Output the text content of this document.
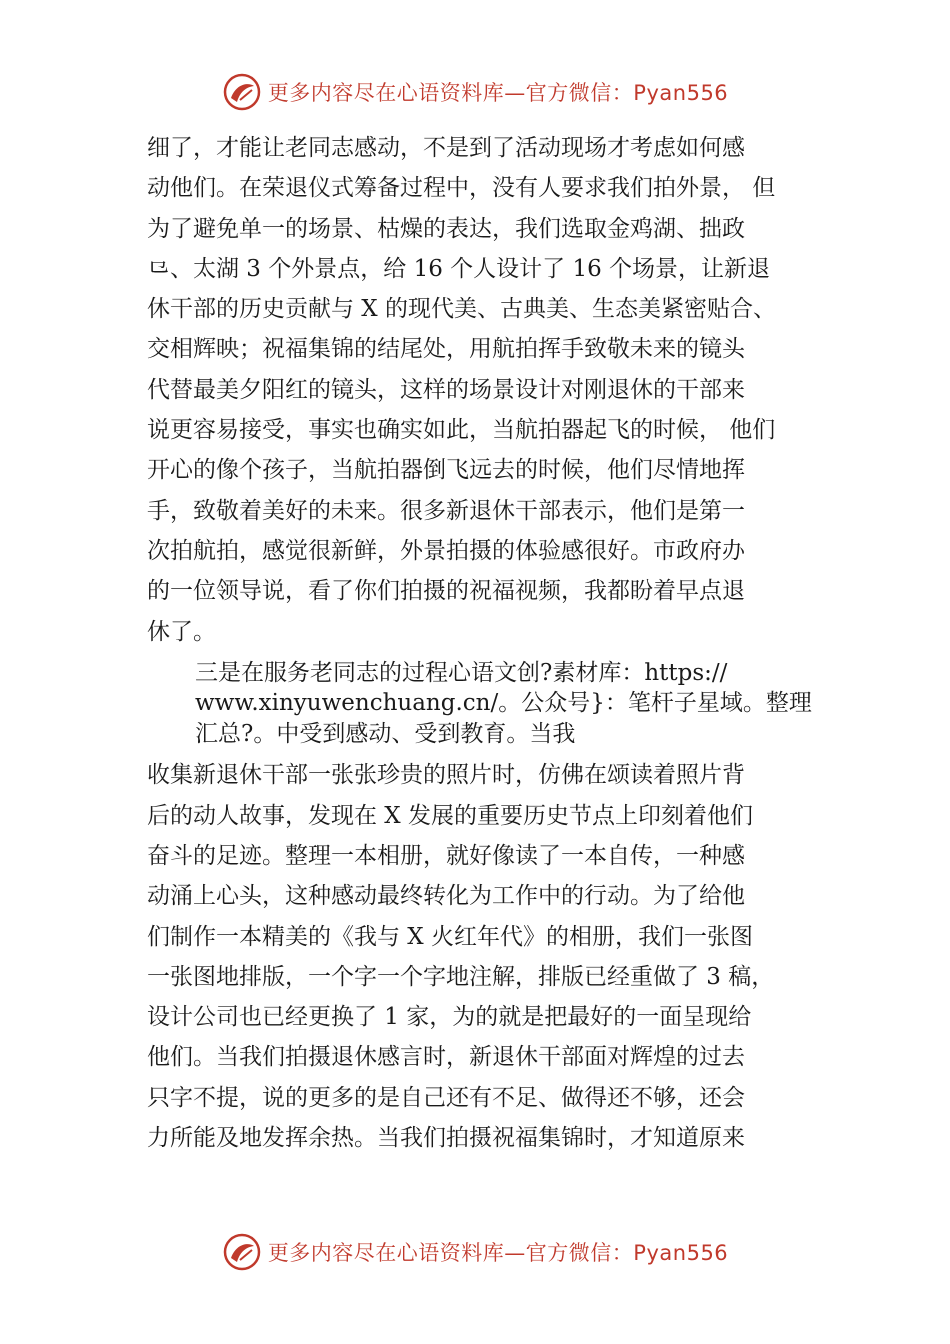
更多内容尽在心语资料库—官方微信：Pyan556
细了，才能让老同志感动，不是到了活动现场才考虑如何感
动他们。在荣退仪式筹备过程中，没有人要求我们拍外景， 但
为了避免单一的场景、枯燥的表达，我们选取金鸡湖、拙政
⺋、太湖 3 个外景点，给 16 个人设计了 16 个场景，让新退
休干部的历史贡献与 X 的现代美、古典美、生态美紧密贴合、
交相辉映；祝福集锦的结尾处，用航拍挥手致敬未来的镜头
代替最美夕阳红的镜头，这样的场景设计对刚退休的干部来
说更容易接受，事实也确实如此，当航拍器起飞的时候， 他们
开心的像个孩子，当航拍器倒飞远去的时候，他们尽情地挥
手，致敬着美好的未来。很多新退休干部表示，他们是第一
次拍航拍，感觉很新鲜，外景拍摄的体验感很好。市政府办
的一位领导说，看了你们拍摄的祝福视频，我都盼着早点退
休了。
三是在服务老同志的过程心语文创?素材库：https://
www.xinyuwenchuang.cn/。公众号}：笔杆子星域。整理
汇总?。中受到感动、受到教育。当我
收集新退休干部一张张珍贵的照片时，仿佛在颂读着照片背
后的动人故事，发现在 X 发展的重要历史节点上印刻着他们
奋斗的足迹。整理一本相册，就好像读了一本自传，一种感
动涌上心头，这种感动最终转化为工作中的行动。为了给他
们制作一本精美的《我与 X 火红年代》的相册，我们一张图
一张图地排版，一个字一个字地注解，排版已经重做了 3 稿，
设计公司也已经更换了 1 家，为的就是把最好的一面呈现给
他们。当我们拍摄退休感言时，新退休干部面对辉煌的过去
只字不提，说的更多的是自己还有不足、做得还不够，还会
力所能及地发挥余热。当我们拍摄祝福集锦时，才知道原来
更多内容尽在心语资料库—官方微信：Pyan556
